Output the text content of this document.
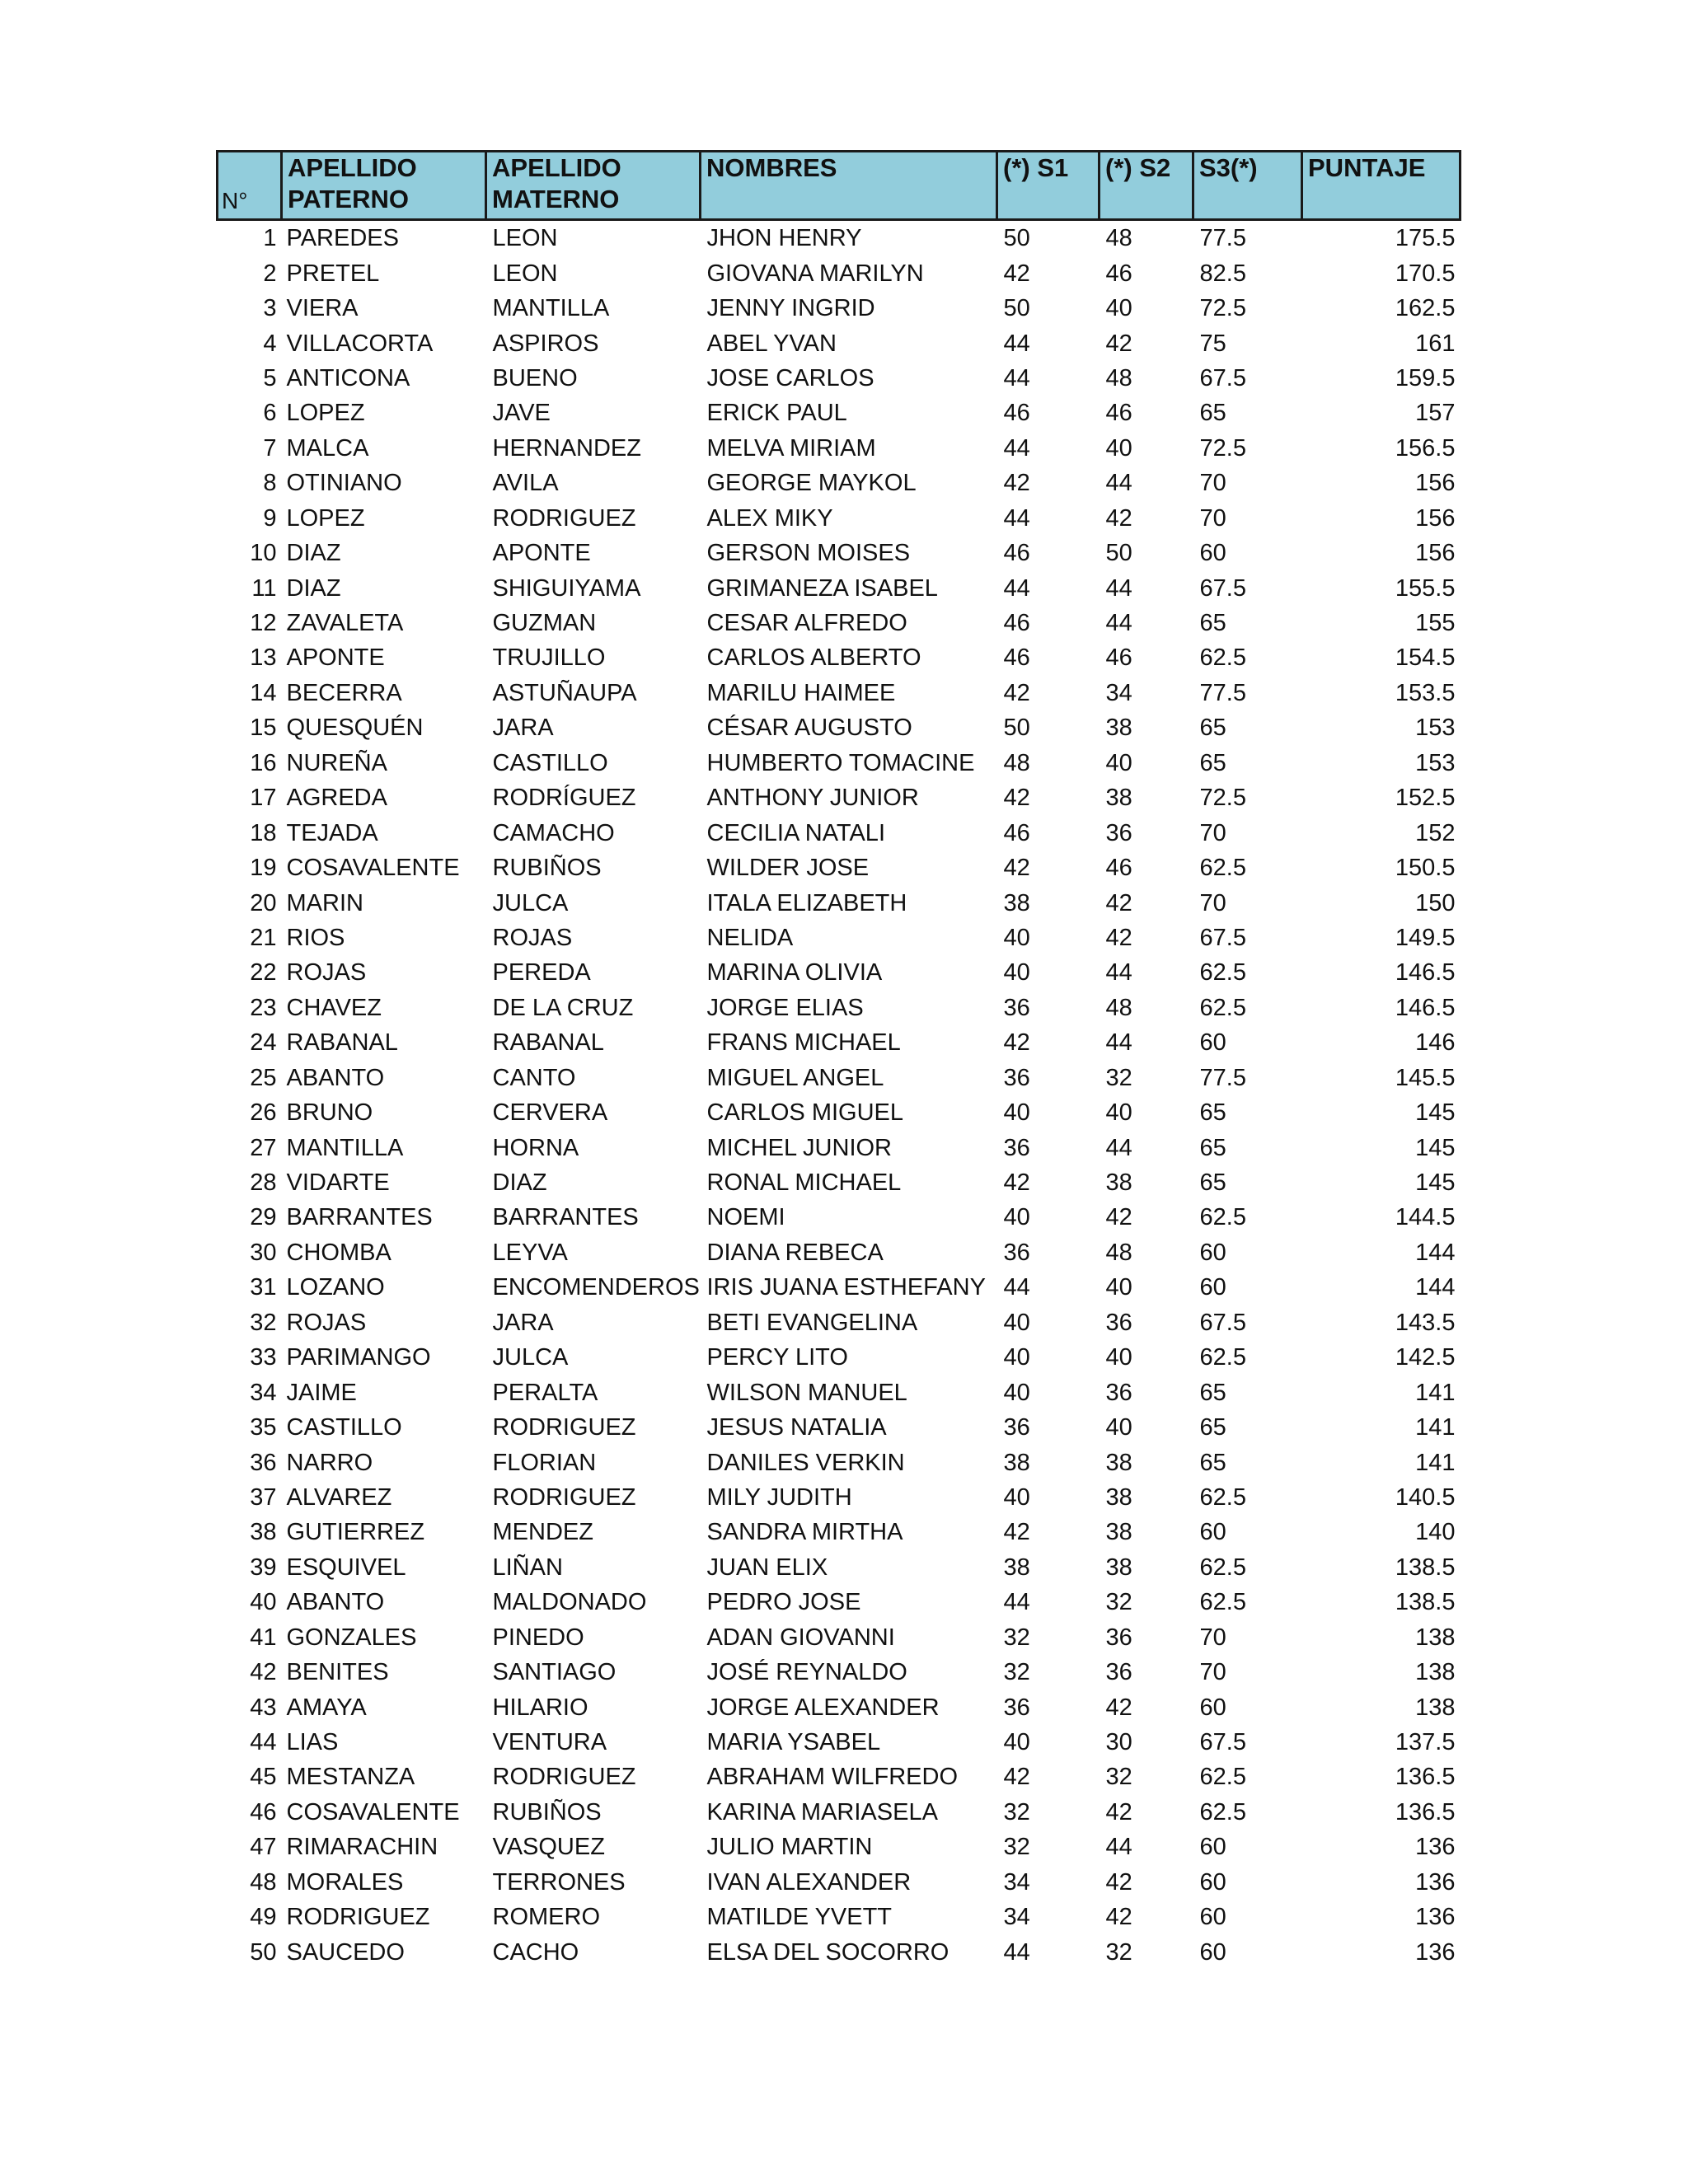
N°	APELLIDO PATERNO	APELLIDO MATERNO	NOMBRES	(*) S1	(*) S2	S3(*)	PUNTAJE
1	PAREDES	LEON	JHON HENRY	50	48	77.5	175.5
2	PRETEL	LEON	GIOVANA MARILYN	42	46	82.5	170.5
3	VIERA	MANTILLA	JENNY INGRID	50	40	72.5	162.5
4	VILLACORTA	ASPIROS	ABEL YVAN	44	42	75	161
5	ANTICONA	BUENO	JOSE CARLOS	44	48	67.5	159.5
6	LOPEZ	JAVE	ERICK PAUL	46	46	65	157
7	MALCA	HERNANDEZ	MELVA MIRIAM	44	40	72.5	156.5
8	OTINIANO	AVILA	GEORGE MAYKOL	42	44	70	156
9	LOPEZ	RODRIGUEZ	ALEX MIKY	44	42	70	156
10	DIAZ	APONTE	GERSON MOISES	46	50	60	156
11	DIAZ	SHIGUIYAMA	GRIMANEZA ISABEL	44	44	67.5	155.5
12	ZAVALETA	GUZMAN	CESAR ALFREDO	46	44	65	155
13	APONTE	TRUJILLO	CARLOS ALBERTO	46	46	62.5	154.5
14	BECERRA	ASTUÑAUPA	MARILU HAIMEE	42	34	77.5	153.5
15	QUESQUÉN	JARA	CÉSAR AUGUSTO	50	38	65	153
16	NUREÑA	CASTILLO	HUMBERTO TOMACINE	48	40	65	153
17	AGREDA	RODRÍGUEZ	ANTHONY JUNIOR	42	38	72.5	152.5
18	TEJADA	CAMACHO	CECILIA NATALI	46	36	70	152
19	COSAVALENTE	RUBIÑOS	WILDER JOSE	42	46	62.5	150.5
20	MARIN	JULCA	ITALA ELIZABETH	38	42	70	150
21	RIOS	ROJAS	NELIDA	40	42	67.5	149.5
22	ROJAS	PEREDA	MARINA OLIVIA	40	44	62.5	146.5
23	CHAVEZ	DE LA CRUZ	JORGE ELIAS	36	48	62.5	146.5
24	RABANAL	RABANAL	FRANS MICHAEL	42	44	60	146
25	ABANTO	CANTO	MIGUEL ANGEL	36	32	77.5	145.5
26	BRUNO	CERVERA	CARLOS MIGUEL	40	40	65	145
27	MANTILLA	HORNA	MICHEL JUNIOR	36	44	65	145
28	VIDARTE	DIAZ	RONAL MICHAEL	42	38	65	145
29	BARRANTES	BARRANTES	NOEMI	40	42	62.5	144.5
30	CHOMBA	LEYVA	DIANA REBECA	36	48	60	144
31	LOZANO	ENCOMENDEROS	IRIS JUANA ESTHEFANY	44	40	60	144
32	ROJAS	JARA	BETI EVANGELINA	40	36	67.5	143.5
33	PARIMANGO	JULCA	PERCY LITO	40	40	62.5	142.5
34	JAIME	PERALTA	WILSON MANUEL	40	36	65	141
35	CASTILLO	RODRIGUEZ	JESUS NATALIA	36	40	65	141
36	NARRO	FLORIAN	DANILES VERKIN	38	38	65	141
37	ALVAREZ	RODRIGUEZ	MILY JUDITH	40	38	62.5	140.5
38	GUTIERREZ	MENDEZ	SANDRA MIRTHA	42	38	60	140
39	ESQUIVEL	LIÑAN	JUAN ELIX	38	38	62.5	138.5
40	ABANTO	MALDONADO	PEDRO JOSE	44	32	62.5	138.5
41	GONZALES	PINEDO	ADAN GIOVANNI	32	36	70	138
42	BENITES	SANTIAGO	JOSÉ REYNALDO	32	36	70	138
43	AMAYA	HILARIO	JORGE ALEXANDER	36	42	60	138
44	LIAS	VENTURA	MARIA YSABEL	40	30	67.5	137.5
45	MESTANZA	RODRIGUEZ	ABRAHAM WILFREDO	42	32	62.5	136.5
46	COSAVALENTE	RUBIÑOS	KARINA MARIASELA	32	42	62.5	136.5
47	RIMARACHIN	VASQUEZ	JULIO MARTIN	32	44	60	136
48	MORALES	TERRONES	IVAN ALEXANDER	34	42	60	136
49	RODRIGUEZ	ROMERO	MATILDE YVETT	34	42	60	136
50	SAUCEDO	CACHO	ELSA DEL SOCORRO	44	32	60	136
